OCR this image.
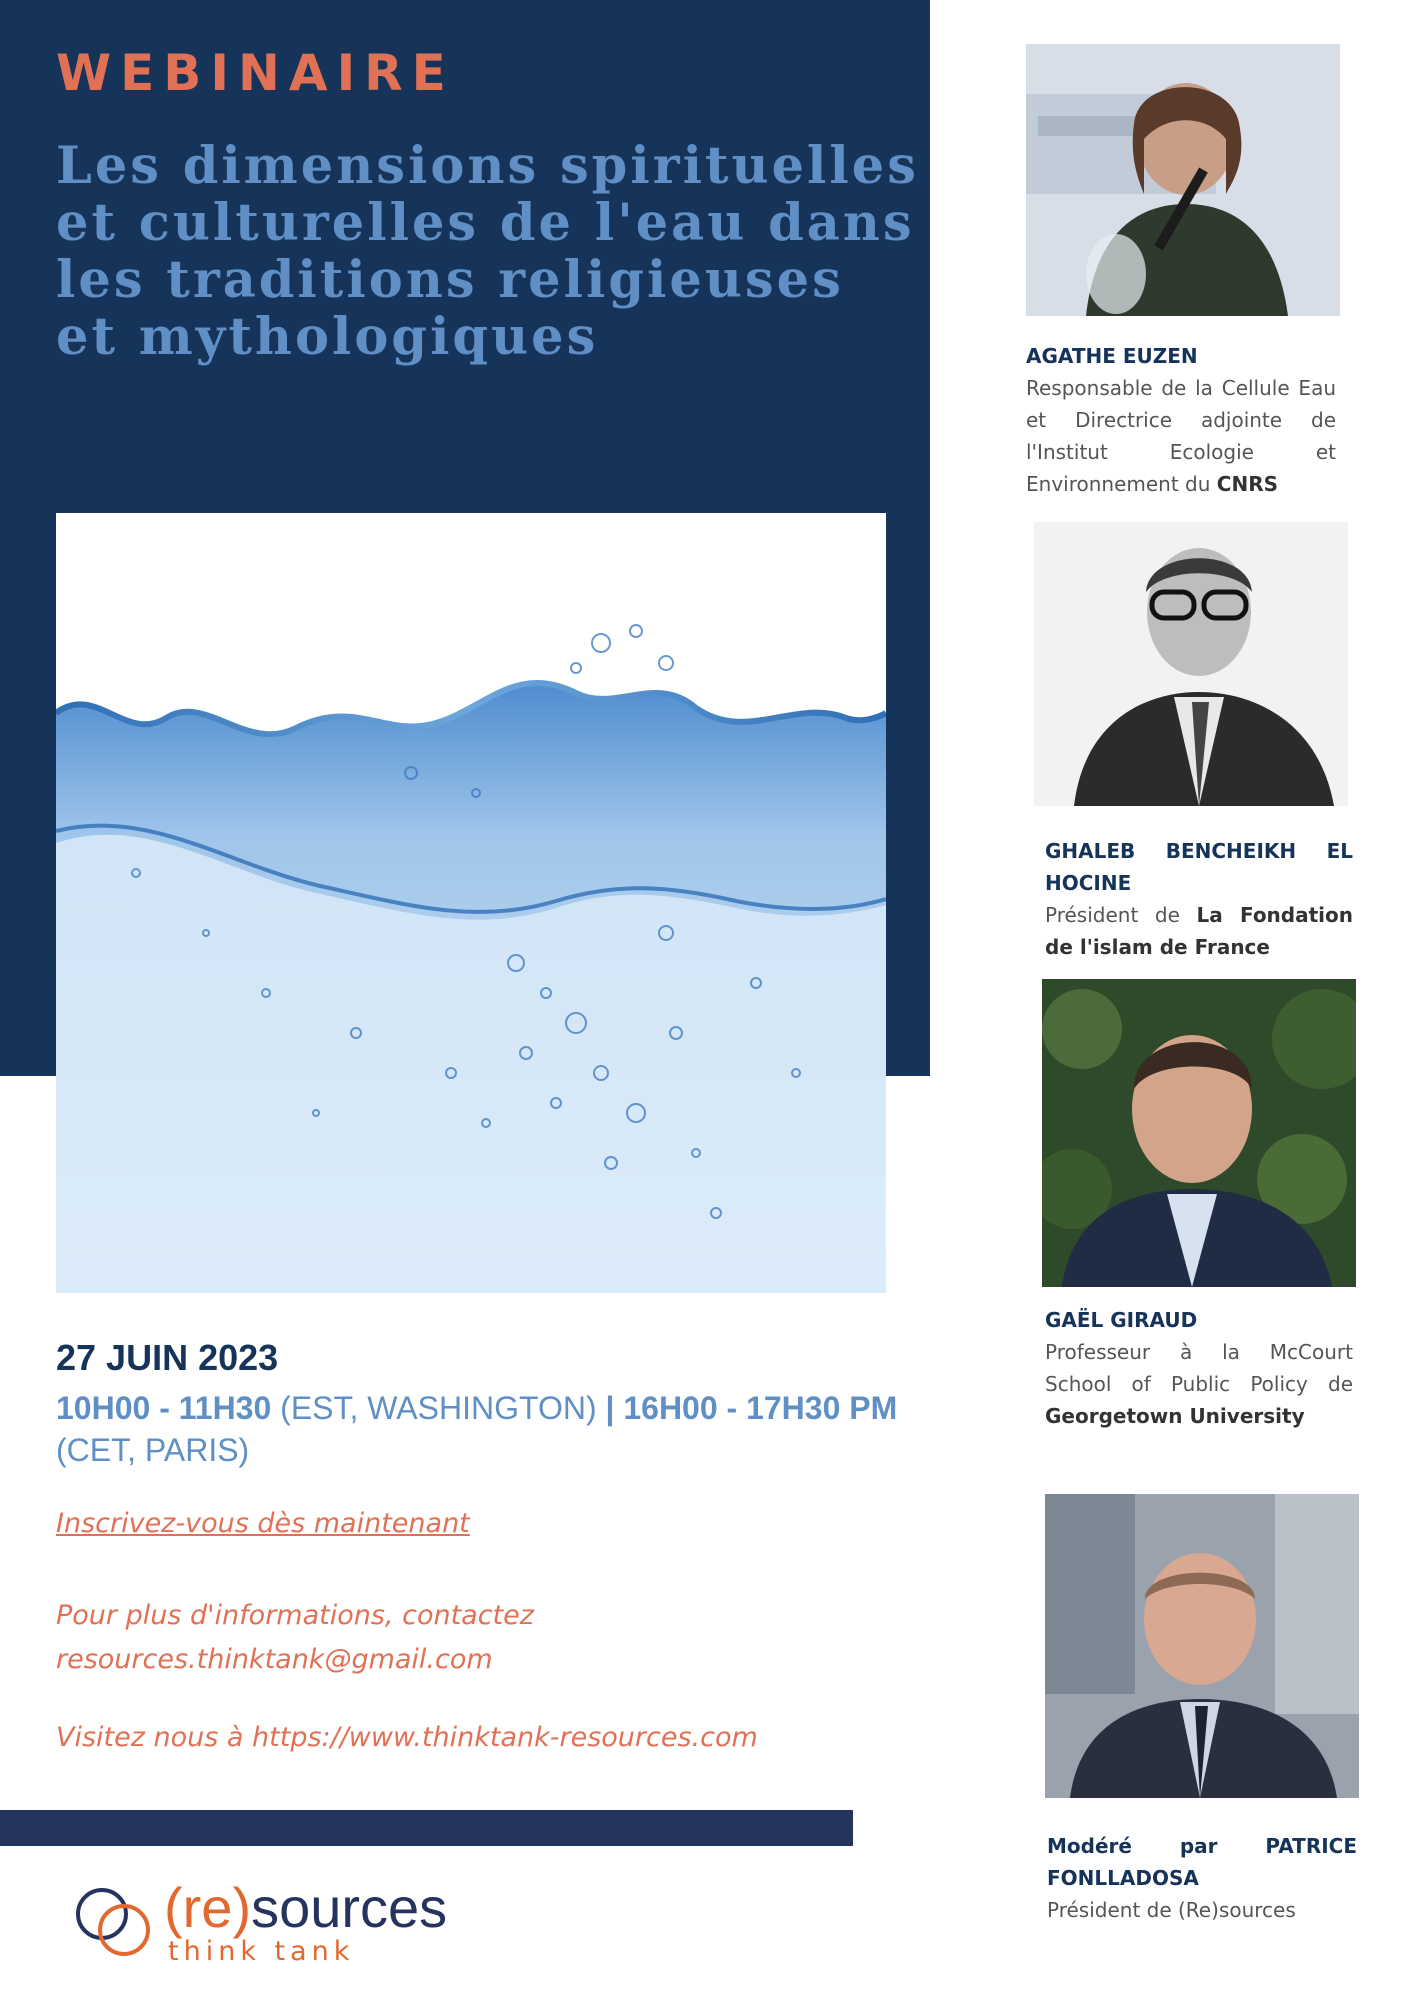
WEBINAIRE
Les dimensions spirituelles et culturelles de l'eau dans les traditions religieuses et mythologiques

27 JUIN 2023

10H00 - 11H30 (EST, WASHINGTON) | 16H00 - 17H30 PM (CET, PARIS)

Inscrivez-vous dès maintenant

Pour plus d'informations, contactez
resources.thinktank@gmail.com

Visitez nous à https://www.thinktank-resources.com

(re)sources
think tank

AGATHE EUZEN

Responsable de la Cellule Eau et Directrice adjointe de l'Institut Ecologie et Environnement du CNRS

GHALEB BENCHEIKH EL HOCINE

Président de La Fondation de l'islam de France

GAËL GIRAUD

Professeur à la McCourt School of Public Policy de Georgetown University

Modéré par PATRICE FONLLADOSA

Président de (Re)sources
